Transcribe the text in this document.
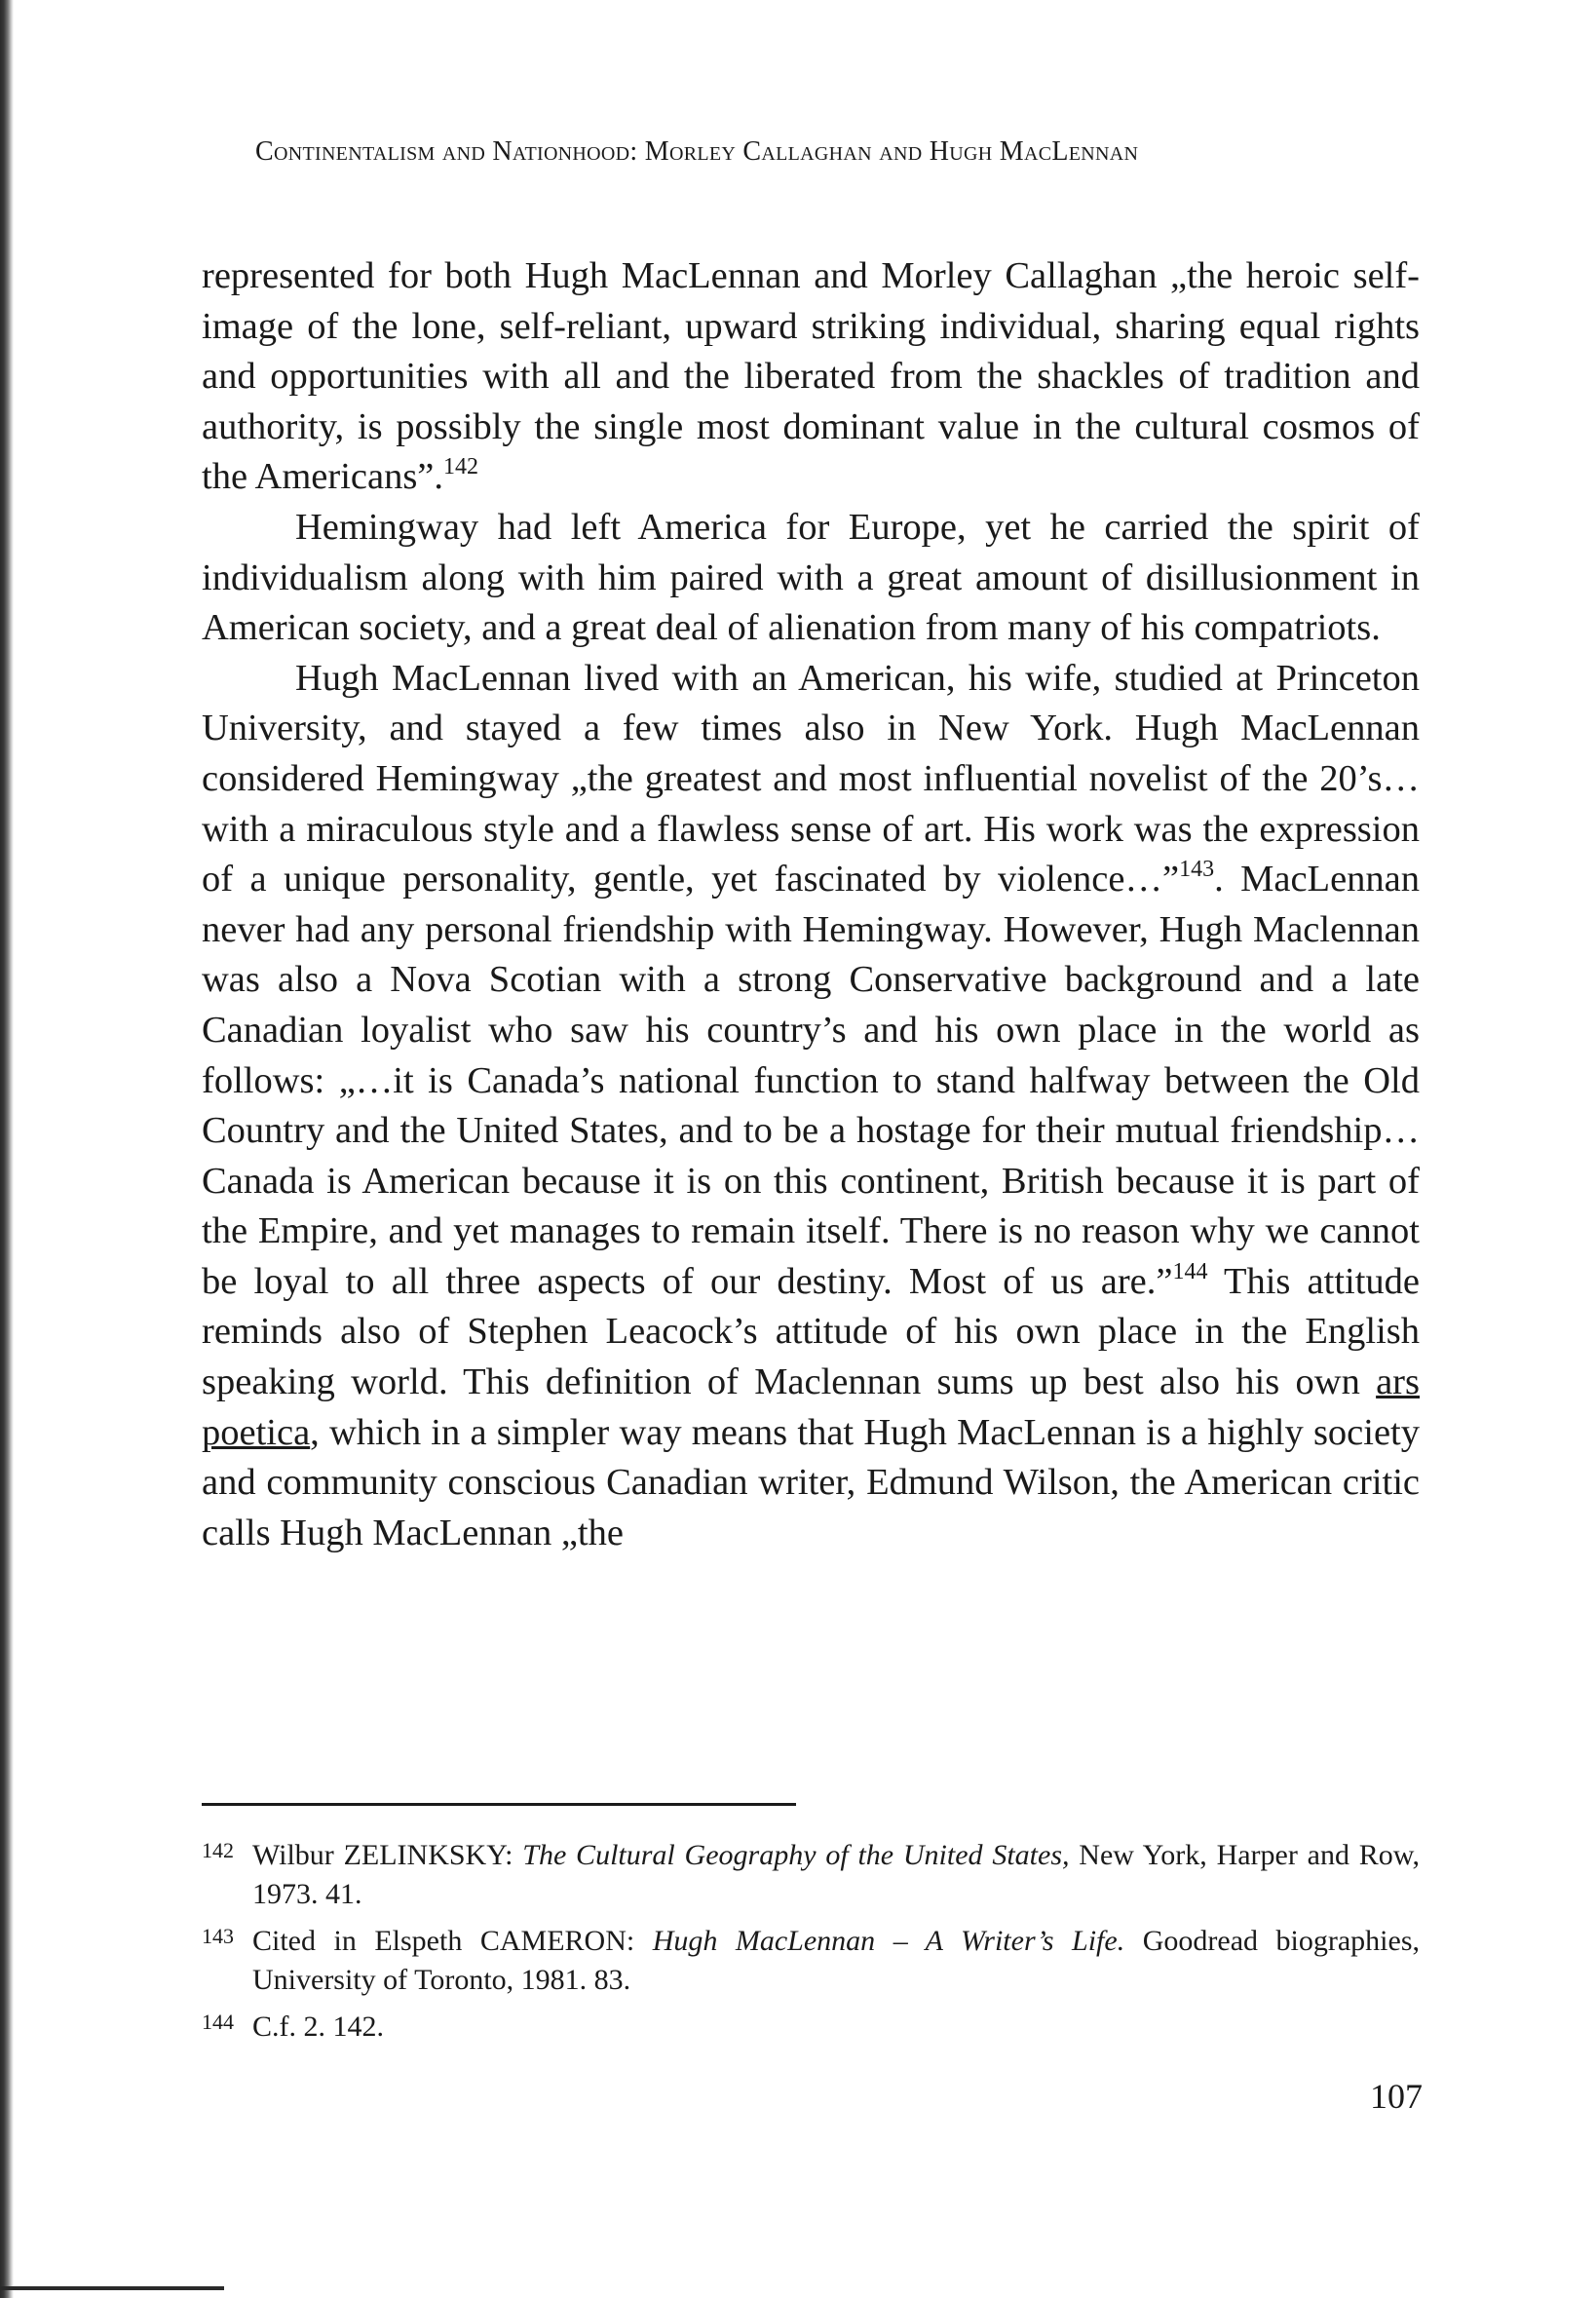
Continentalism and Nationhood: Morley Callaghan and Hugh MacLennan

represented for both Hugh MacLennan and Morley Callaghan „the heroic self-image of the lone, self-reliant, upward striking individual, sharing equal rights and opportunities with all and the liberated from the shackles of tradition and authority, is possibly the single most dominant value in the cultural cosmos of the Americans”.$^{142}$

Hemingway had left America for Europe, yet he carried the spirit of individualism along with him paired with a great amount of disillusionment in American society, and a great deal of alienation from many of his compatriots.

Hugh MacLennan lived with an American, his wife, studied at Princeton University, and stayed a few times also in New York. Hugh MacLennan considered Hemingway „the greatest and most influential novelist of the 20’s… with a miraculous style and a flawless sense of art. His work was the expression of a unique personality, gentle, yet fascinated by violence…”$^{143}$. MacLennan never had any personal friendship with Hemingway. However, Hugh Maclennan was also a Nova Scotian with a strong Conservative background and a late Canadian loyalist who saw his country’s and his own place in the world as follows: „…it is Canada’s national function to stand halfway between the Old Country and the United States, and to be a hostage for their mutual friendship… Canada is American because it is on this continent, British because it is part of the Empire, and yet manages to remain itself. There is no reason why we cannot be loyal to all three aspects of our destiny. Most of us are.”$^{144}$ This attitude reminds also of Stephen Leacock’s attitude of his own place in the English speaking world. This definition of Maclennan sums up best also his own ars poetica, which in a simpler way means that Hugh MacLennan is a highly society and community conscious Canadian writer, Edmund Wilson, the American critic calls Hugh MacLennan „the

142 Wilbur ZELINKSKY: The Cultural Geography of the United States, New York, Harper and Row, 1973. 41.
143 Cited in Elspeth CAMERON: Hugh MacLennan – A Writer’s Life. Goodread biographies, University of Toronto, 1981. 83.
144 C.f. 2. 142.
107
